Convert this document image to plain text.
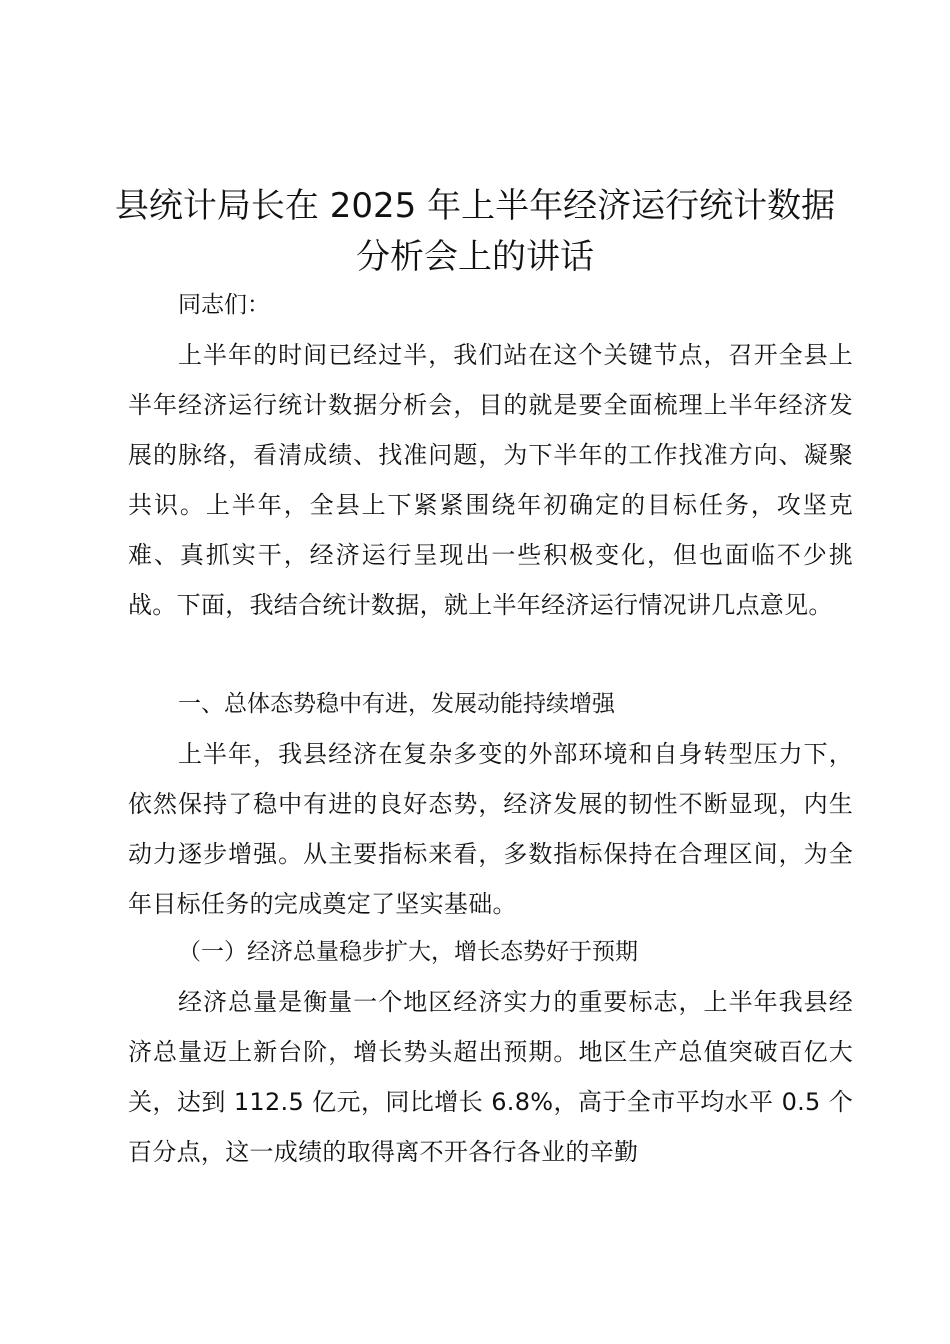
县统计局长在 2025 年上半年经济运行统计数据分析会上的讲话

同志们：

上半年的时间已经过半，我们站在这个关键节点，召开全县上半年经济运行统计数据分析会，目的就是要全面梳理上半年经济发展的脉络，看清成绩、找准问题，为下半年的工作找准方向、凝聚共识。上半年，全县上下紧紧围绕年初确定的目标任务，攻坚克难、真抓实干，经济运行呈现出一些积极变化，但也面临不少挑战。下面，我结合统计数据，就上半年经济运行情况讲几点意见。

一、总体态势稳中有进，发展动能持续增强

上半年，我县经济在复杂多变的外部环境和自身转型压力下，依然保持了稳中有进的良好态势，经济发展的韧性不断显现，内生动力逐步增强。从主要指标来看，多数指标保持在合理区间，为全年目标任务的完成奠定了坚实基础。

（一）经济总量稳步扩大，增长态势好于预期

经济总量是衡量一个地区经济实力的重要标志，上半年我县经济总量迈上新台阶，增长势头超出预期。地区生产总值突破百亿大关，达到 112.5 亿元，同比增长 6.8%，高于全市平均水平 0.5 个百分点，这一成绩的取得离不开各行各业的辛勤
